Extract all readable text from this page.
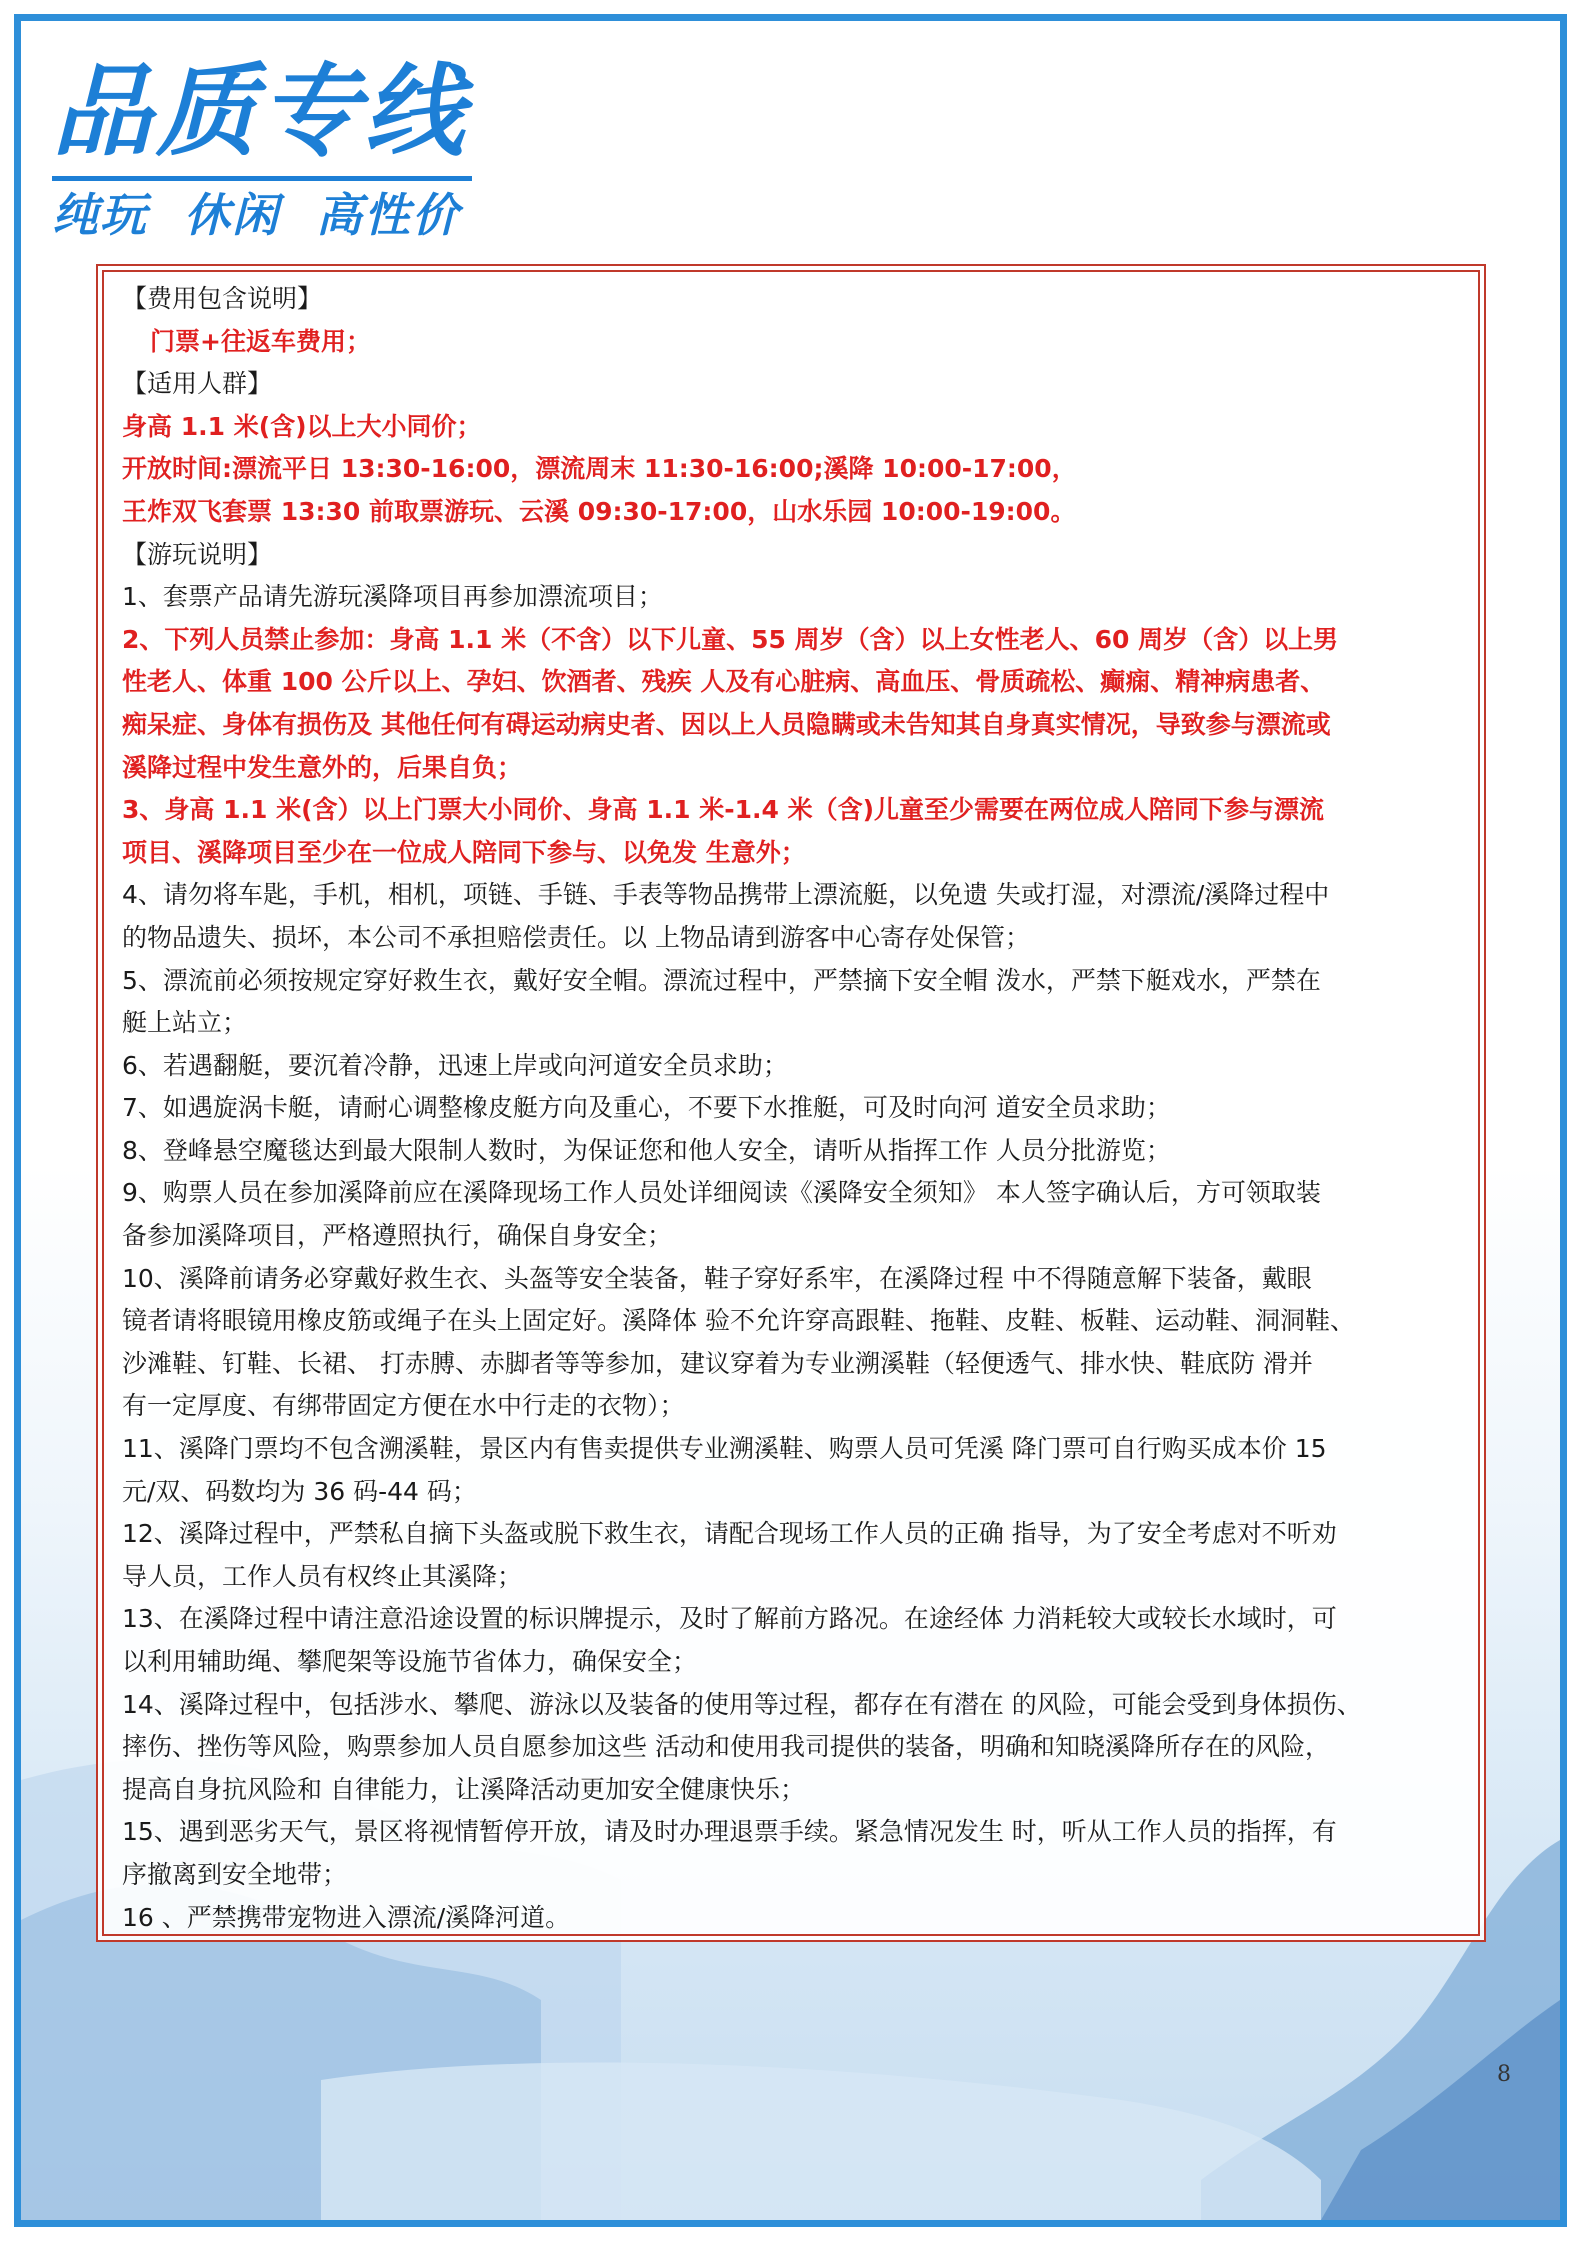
品质专线
纯玩  休闲  高性价

【费用包含说明】

门票+往返车费用；

【适用人群】

身高 1.1 米(含)以上大小同价；

开放时间:漂流平日 13:30-16:00，漂流周末 11:30-16:00;溪降 10:00-17:00，

王炸双飞套票 13:30 前取票游玩、云溪 09:30-17:00，山水乐园 10:00-19:00。

【游玩说明】

1、套票产品请先游玩溪降项目再参加漂流项目；

2、下列人员禁止参加：身高 1.1 米（不含）以下儿童、55 周岁（含）以上女性老人、60 周岁（含）以上男

性老人、体重 100 公斤以上、孕妇、饮酒者、残疾 人及有心脏病、高血压、骨质疏松、癫痫、精神病患者、

痴呆症、身体有损伤及 其他任何有碍运动病史者、因以上人员隐瞒或未告知其自身真实情况，导致参与漂流或

溪降过程中发生意外的，后果自负；

3、身高 1.1 米(含）以上门票大小同价、身高 1.1 米-1.4 米（含)儿童至少需要在两位成人陪同下参与漂流

项目、溪降项目至少在一位成人陪同下参与、以免发 生意外；

4、请勿将车匙，手机，相机，项链、手链、手表等物品携带上漂流艇，以免遗 失或打湿，对漂流/溪降过程中

的物品遗失、损坏，本公司不承担赔偿责任。以 上物品请到游客中心寄存处保管；

5、漂流前必须按规定穿好救生衣，戴好安全帽。漂流过程中，严禁摘下安全帽 泼水，严禁下艇戏水，严禁在

艇上站立；

6、若遇翻艇，要沉着冷静，迅速上岸或向河道安全员求助；

7、如遇旋涡卡艇，请耐心调整橡皮艇方向及重心，不要下水推艇，可及时向河 道安全员求助；

8、登峰悬空魔毯达到最大限制人数时，为保证您和他人安全，请听从指挥工作 人员分批游览；

9、购票人员在参加溪降前应在溪降现场工作人员处详细阅读《溪降安全须知》 本人签字确认后，方可领取装

备参加溪降项目，严格遵照执行，确保自身安全；

10、溪降前请务必穿戴好救生衣、头盔等安全装备，鞋子穿好系牢，在溪降过程 中不得随意解下装备，戴眼

镜者请将眼镜用橡皮筋或绳子在头上固定好。溪降体 验不允许穿高跟鞋、拖鞋、皮鞋、板鞋、运动鞋、洞洞鞋、

沙滩鞋、钉鞋、长裙、 打赤膊、赤脚者等等参加，建议穿着为专业溯溪鞋（轻便透气、排水快、鞋底防 滑并

有一定厚度、有绑带固定方便在水中行走的衣物）；

11、溪降门票均不包含溯溪鞋，景区内有售卖提供专业溯溪鞋、购票人员可凭溪 降门票可自行购买成本价 15

元/双、码数均为 36 码-44 码；

12、溪降过程中，严禁私自摘下头盔或脱下救生衣，请配合现场工作人员的正确 指导，为了安全考虑对不听劝

导人员，工作人员有权终止其溪降；

13、在溪降过程中请注意沿途设置的标识牌提示，及时了解前方路况。在途经体 力消耗较大或较长水域时，可

以利用辅助绳、攀爬架等设施节省体力，确保安全；

14、溪降过程中，包括涉水、攀爬、游泳以及装备的使用等过程，都存在有潜在 的风险，可能会受到身体损伤、

摔伤、挫伤等风险，购票参加人员自愿参加这些 活动和使用我司提供的装备，明确和知晓溪降所存在的风险，

提高自身抗风险和 自律能力，让溪降活动更加安全健康快乐；

15、遇到恶劣天气，景区将视情暂停开放，请及时办理退票手续。紧急情况发生 时，听从工作人员的指挥，有

序撤离到安全地带；

16 、严禁携带宠物进入漂流/溪降河道。

8
